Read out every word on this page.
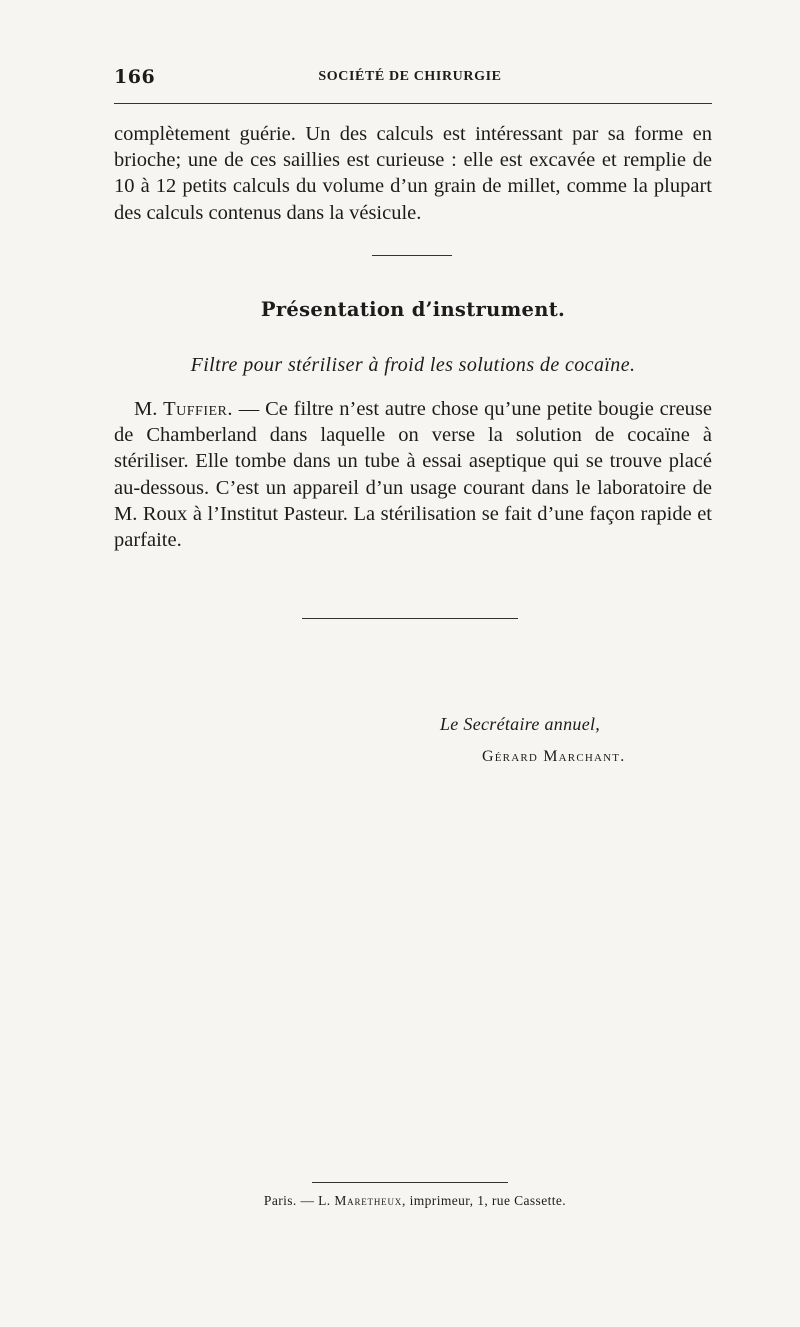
166	SOCIÉTÉ DE CHIRURGIE

complètement guérie. Un des calculs est intéressant par sa forme en brioche; une de ces saillies est curieuse : elle est excavée et remplie de 10 à 12 petits calculs du volume d’un grain de millet, comme la plupart des calculs contenus dans la vésicule.

Présentation d’instrument.
Filtre pour stériliser à froid les solutions de cocaïne.

M. Tuffier. — Ce filtre n’est autre chose qu’une petite bougie creuse de Chamberland dans laquelle on verse la solution de cocaïne à stériliser. Elle tombe dans un tube à essai aseptique qui se trouve placé au-dessous. C’est un appareil d’un usage courant dans le laboratoire de M. Roux à l’Institut Pasteur. La stérilisation se fait d’une façon rapide et parfaite.

Le Secrétaire annuel,
Gérard Marchant.
Paris. — L. Maretheux, imprimeur, 1, rue Cassette.
